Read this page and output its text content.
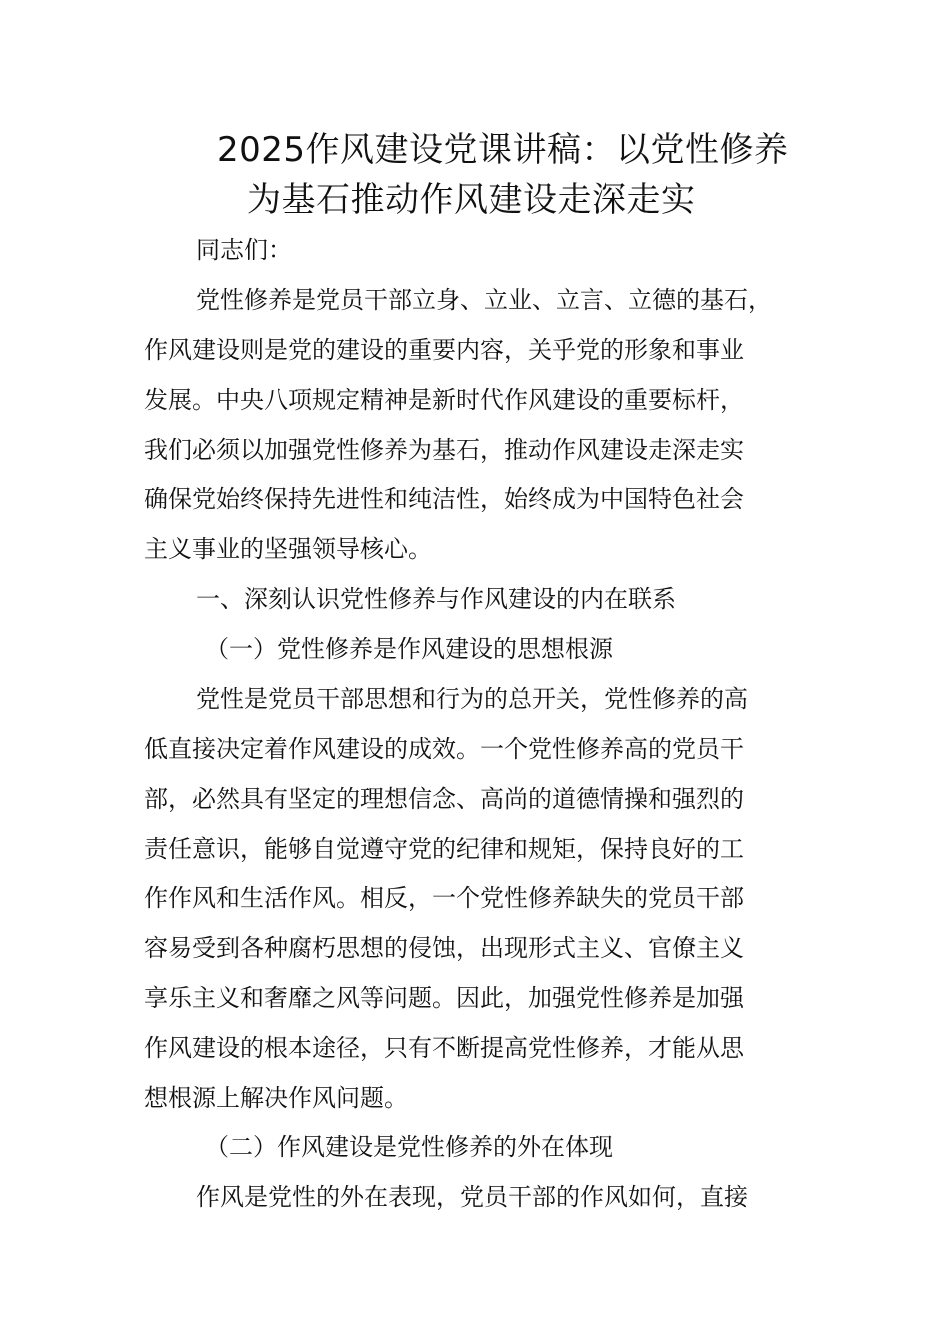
2025作风建设党课讲稿：以党性修养
为基石推动作风建设走深走实
同志们：
党性修养是党员干部立身、立业、立言、立德的基石，
作风建设则是党的建设的重要内容，关乎党的形象和事业
发展。中央八项规定精神是新时代作风建设的重要标杆，
我们必须以加强党性修养为基石，推动作风建设走深走实
确保党始终保持先进性和纯洁性，始终成为中国特色社会
主义事业的坚强领导核心。
一、深刻认识党性修养与作风建设的内在联系
（一）党性修养是作风建设的思想根源
党性是党员干部思想和行为的总开关，党性修养的高
低直接决定着作风建设的成效。一个党性修养高的党员干
部，必然具有坚定的理想信念、高尚的道德情操和强烈的
责任意识，能够自觉遵守党的纪律和规矩，保持良好的工
作作风和生活作风。相反，一个党性修养缺失的党员干部
容易受到各种腐朽思想的侵蚀，出现形式主义、官僚主义
享乐主义和奢靡之风等问题。因此，加强党性修养是加强
作风建设的根本途径，只有不断提高党性修养，才能从思
想根源上解决作风问题。
（二）作风建设是党性修养的外在体现
作风是党性的外在表现，党员干部的作风如何，直接
